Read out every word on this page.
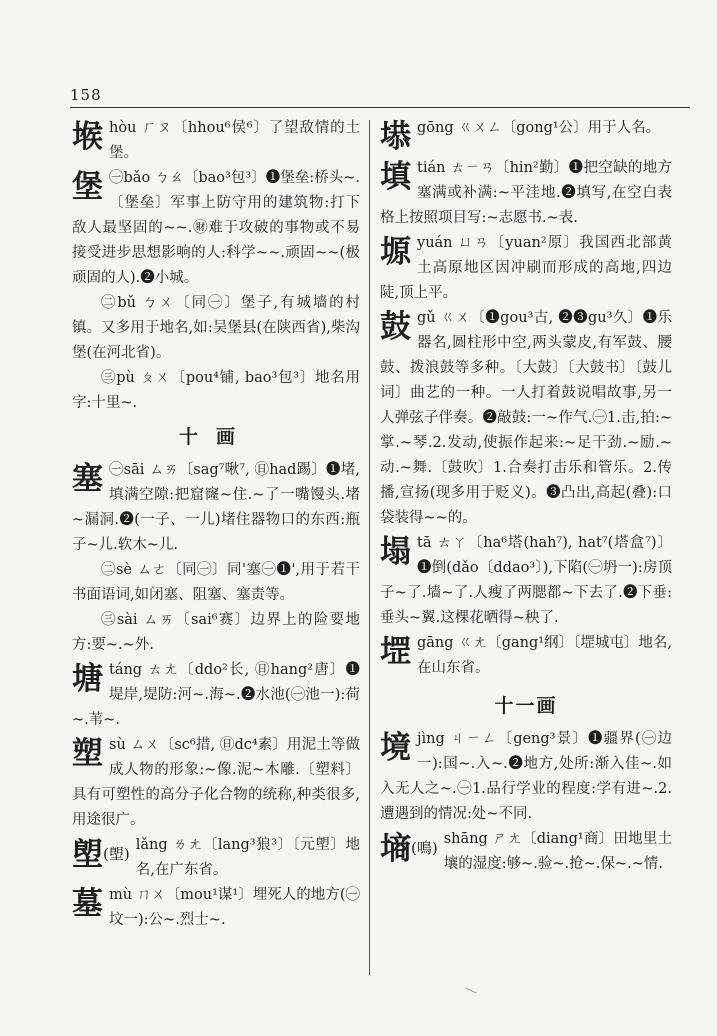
158
堠 hòu ㄏㄡ〔hhou⁶侯⁶〕了望敌情的土堡。
堡 ㊀bǎo ㄅㄠ〔bao³包³〕❶堡垒:桥头~.〔堡垒〕军事上防守用的建筑物:打下敌人最坚固的~~.㊖难于攻破的事物或不易接受进步思想影响的人:科学~~.顽固~~(极顽固的人).❷小城。
㊁bǔ ㄅㄨ〔同㊀〕堡子,有城墙的村镇。又多用于地名,如:吴堡县(在陕西省),柴沟堡(在河北省)。
㊂pù ㄆㄨ〔pou⁴铺, bao³包³〕地名用字:十里~.
十画
塞 ㊀sāi ㄙㄞ〔sag⁷啾⁷, ㊐had踢〕❶堵,填满空隙:把窟窿~住.~了一嘴馒头.堵~漏洞.❷(一子、一儿)堵住器物口的东西:瓶子~儿.软木~儿.
㊁sè ㄙㄜ〔同㊀〕同'塞㊀❶',用于若干书面语词,如闭塞、阻塞、塞责等。
㊂sài ㄙㄞ〔sai⁶赛〕边界上的险要地方:要~.~外.
塘 táng ㄊㄤ〔ddo²长, ㊐hang²唐〕❶堤岸,堤防:河~.海~.❷水池(㊀池一):荷~.苇~.
塑 sù ㄙㄨ〔sc⁶措, ㊐dc⁴素〕用泥土等做成人物的形象:~像.泥~木雕.〔塑料〕具有可塑性的高分子化合物的统称,种类很多,用途很广。
塱(塱) lǎng ㄌㄤ〔lang³狼³〕〔元塱〕地名,在广东省。
墓 mù ㄇㄨ〔mou¹谋¹〕埋死人的地方(㊀坟一):公~.烈士~.
塨 gōng ㄍㄨㄥ〔gong¹公〕用于人名。
填 tián ㄊㄧㄢ〔hin²勤〕❶把空缺的地方塞满或补满:~平洼地.❷填写,在空白表格上按照项目写:~志愿书.~表.
塬 yuán ㄩㄢ〔yuan²原〕我国西北部黄土高原地区因冲刷而形成的高地,四边陡,顶上平。
鼓 gǔ ㄍㄨ〔❶gou³古, ❷❸gu³久〕❶乐器名,圆柱形中空,两头蒙皮,有军鼓、腰鼓、拨浪鼓等多种。〔大鼓〕〔大鼓书〕〔鼓儿词〕曲艺的一种。一人打着鼓说唱故事,另一人弹弦子伴奏。❷敲鼓:一~作气.㊀1.击,拍:~掌.~琴.2.发动,使振作起来:~足干劲.~励.~动.~舞.〔鼓吹〕1.合奏打击乐和管乐。2.传播,宣扬(现多用于贬义)。❸凸出,高起(叠):口袋装得~~的。
塌 tā ㄊㄚ〔ha⁶塔(hah⁷), hat⁷(塔盒⁷)〕❶倒(dǎo〔ddao³〕),下陷(㊀坍一):房顶子~了.墙~了.人瘦了两腮都~下去了.❷下垂:垂头~翼.这棵花晒得~秧了.
堽 gāng ㄍㄤ〔gang¹纲〕〔堽城屯〕地名,在山东省。
十一画
境 jìng ㄐㄧㄥ〔geng³景〕❶疆界(㊀边一):国~.入~.❷地方,处所:渐入佳~.如入无人之~.㊀1.品行学业的程度:学有进~.2.遭遇到的情况:处~不同.
墒(鳴) shāng ㄕㄤ〔diang¹商〕田地里土壤的湿度:够~.验~.抢~.保~.~情.
